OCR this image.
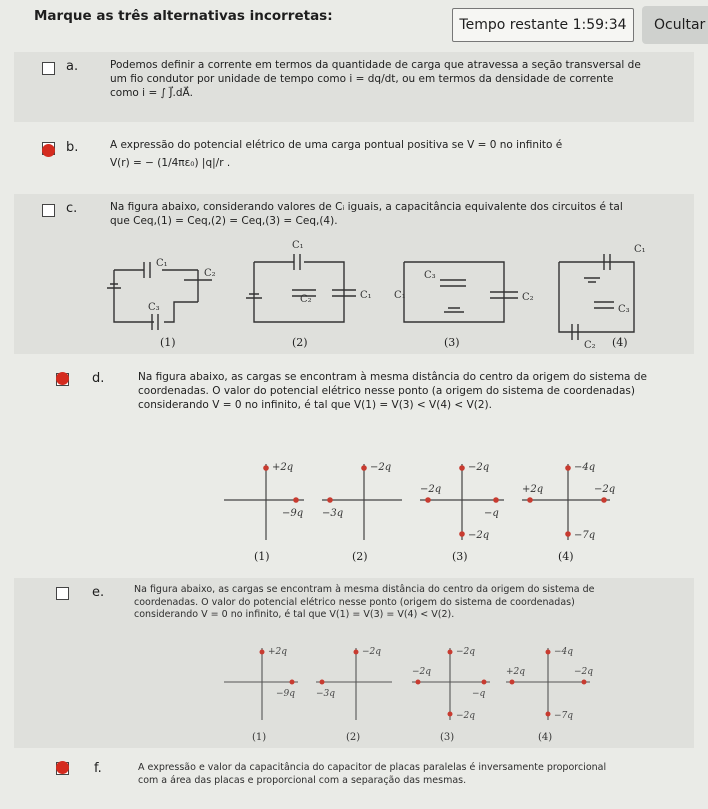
Marque as três alternativas incorretas:
Tempo restante 1:59:34	Ocultar
a.	Podemos definir a corrente em termos da quantidade de carga que atravessa a seção transversal de
um fio condutor por unidade de tempo como i = dq/dt, ou em termos da densidade de corrente
como i = ∫ J⃗.dA⃗.
b.	A expressão do potencial elétrico de uma carga pontual positiva se V = 0 no infinito é
V(r) = − (1/4πε₀) |q|/r .
c.	Na figura abaixo, considerando valores de Cᵢ iguais, a capacitância equivalente dos circuitos é tal
que Ceq,(1) = Ceq,(2) = Ceq,(3) = Ceq,(4).
C₁
C₂
C₃
C₁
C₂	C₁
C₃
C₂
C₁
C₁
C₃
C₂
(1)	(2)	(3)	(4)
d.	Na figura abaixo, as cargas se encontram à mesma distância do centro da origem do sistema de
coordenadas. O valor do potencial elétrico nesse ponto (a origem do sistema de coordenadas)
considerando V = 0 no infinito, é tal que V(1) = V(3) < V(4) < V(2).
+2q
−9q
−2q
−3q
−2q
−2q
−q
−2q
−4q
+2q	−2q
−7q
(1)	(2)	(3)	(4)
e.	Na figura abaixo, as cargas se encontram à mesma distância do centro da origem do sistema de
coordenadas. O valor do potencial elétrico nesse ponto (origem do sistema de coordenadas)
considerando V = 0 no infinito, é tal que V(1) = V(3) = V(4) < V(2).
+2q
−9q
−2q
−3q
−2q
−2q
−q
−2q
−4q
+2q	−2q
−7q
(1)	(2)	(3)	(4)
f.	A expressão e valor da capacitância do capacitor de placas paralelas é inversamente proporcional
com a área das placas e proporcional com a separação das mesmas.
